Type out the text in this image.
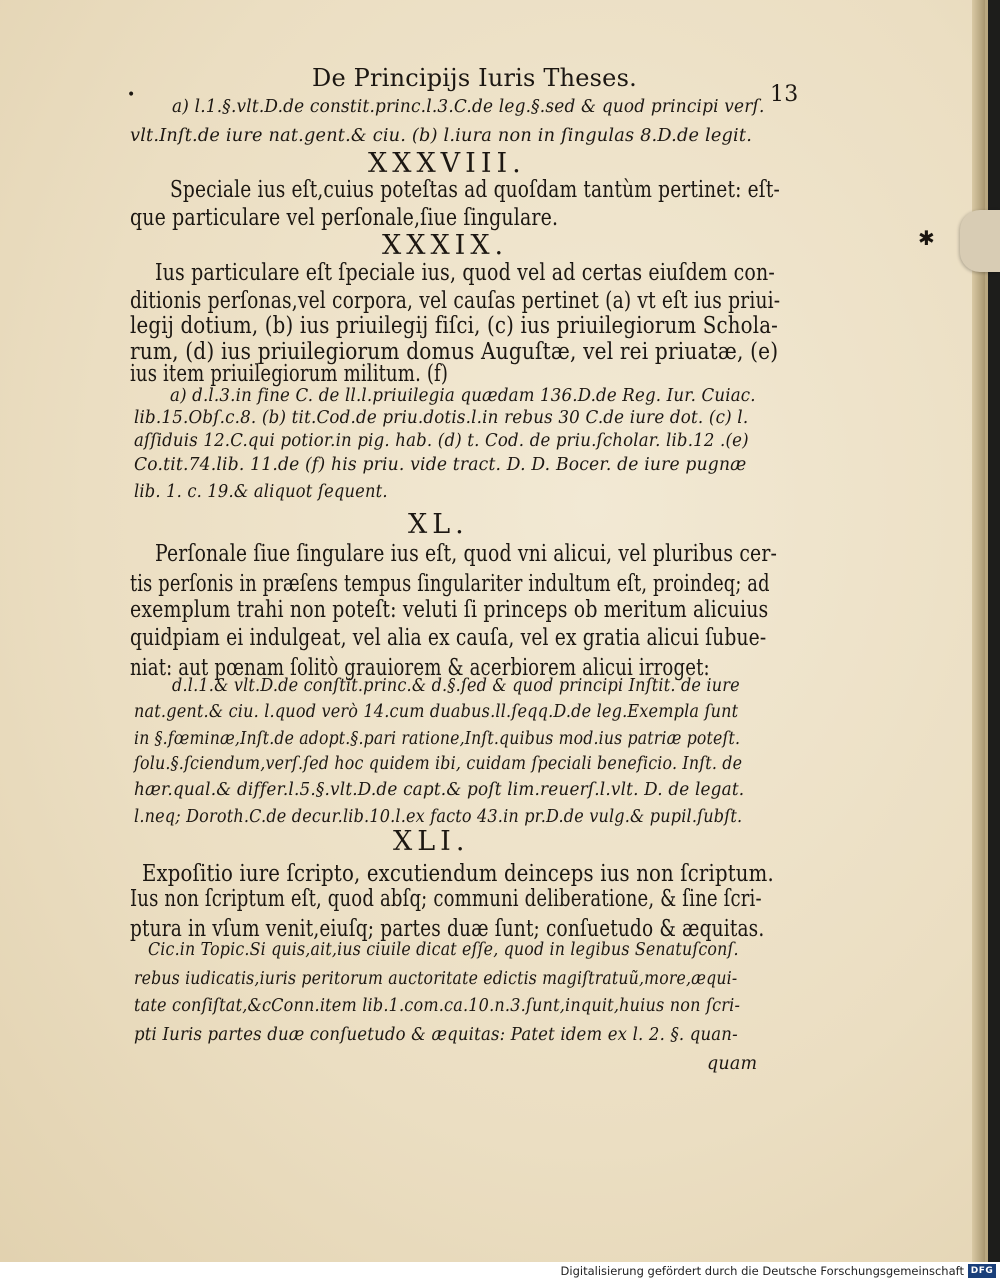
De Principijs Iuris Theses.
13
•
a) l.1.§.vlt.D.de constit.princ.l.3.C.de leg.§.sed & quod principi verſ.
vlt.Inſt.de iure nat.gent.& ciu. (b) l.iura non in ſingulas 8.D.de legit.
XXXVIII.
Speciale ius eſt,cuius poteſtas ad quoſdam tantùm pertinet: eſt-
que particulare vel perſonale,ſiue ſingulare.
XXXIX.
Ius particulare eſt ſpeciale ius, quod vel ad certas eiuſdem con-
ditionis perſonas,vel corpora, vel cauſas pertinet (a) vt eſt ius priui-
legij dotium, (b) ius priuilegij fiſci, (c) ius priuilegiorum Schola-
rum, (d) ius priuilegiorum domus Auguſtæ, vel rei priuatæ, (e)
ius item priuilegiorum militum. (f)
a) d.l.3.in fine C. de ll.l.priuilegia quædam 136.D.de Reg. Iur. Cuiac.
lib.15.Obſ.c.8. (b) tit.Cod.de priu.dotis.l.in rebus 30 C.de iure dot. (c) l.
aſſiduis 12.C.qui potior.in pig. hab. (d) t. Cod. de priu.ſcholar. lib.12 .(e)
Co.tit.74.lib. 11.de (f) his priu. vide tract. D. D. Bocer. de iure pugnæ
lib. 1. c. 19.& aliquot ſequent.
XL.
Perſonale ſiue ſingulare ius eſt, quod vni alicui, vel pluribus cer-
tis perſonis in præſens tempus ſingulariter indultum eſt, proindeq; ad
exemplum trahi non poteſt: veluti ſi princeps ob meritum alicuius
quidpiam ei indulgeat, vel alia ex cauſa, vel ex gratia alicui ſubue-
niat: aut pœnam ſolitò grauiorem & acerbiorem alicui irroget:
d.l.1.& vlt.D.de conſtit.princ.& d.§.ſed & quod principi Inſtit. de iure
nat.gent.& ciu. l.quod verò 14.cum duabus.ll.ſeqq.D.de leg.Exempla ſunt
in §.fœminæ,Inſt.de adopt.§.pari ratione,Inſt.quibus mod.ius patriæ poteſt.
ſolu.§.ſciendum,verſ.ſed hoc quidem ibi, cuidam ſpeciali beneficio. Inſt. de
hær.qual.& differ.l.5.§.vlt.D.de capt.& poſt lim.reuerſ.l.vlt. D. de legat.
l.neq; Doroth.C.de decur.lib.10.l.ex facto 43.in pr.D.de vulg.& pupil.ſubſt.
XLI.
Expoſitio iure ſcripto, excutiendum deinceps ius non ſcriptum.
Ius non ſcriptum eſt, quod abſq; communi deliberatione, & ſine ſcri-
ptura in vſum venit,eiuſq; partes duæ ſunt; conſuetudo & æquitas.
Cic.in Topic.Si quis,ait,ius ciuile dicat eſſe, quod in legibus Senatuſconſ.
rebus iudicatis,iuris peritorum auctoritate edictis magiſtratuũ,more,æqui-
tate conſiſtat,&cConn.item lib.1.com.ca.10.n.3.ſunt,inquit,huius non ſcri-
pti Iuris partes duæ conſuetudo & æquitas: Patet idem ex l. 2. §. quan-
quam
✱
Digitalisierung gefördert durch die Deutsche Forschungsgemeinschaft DFG
